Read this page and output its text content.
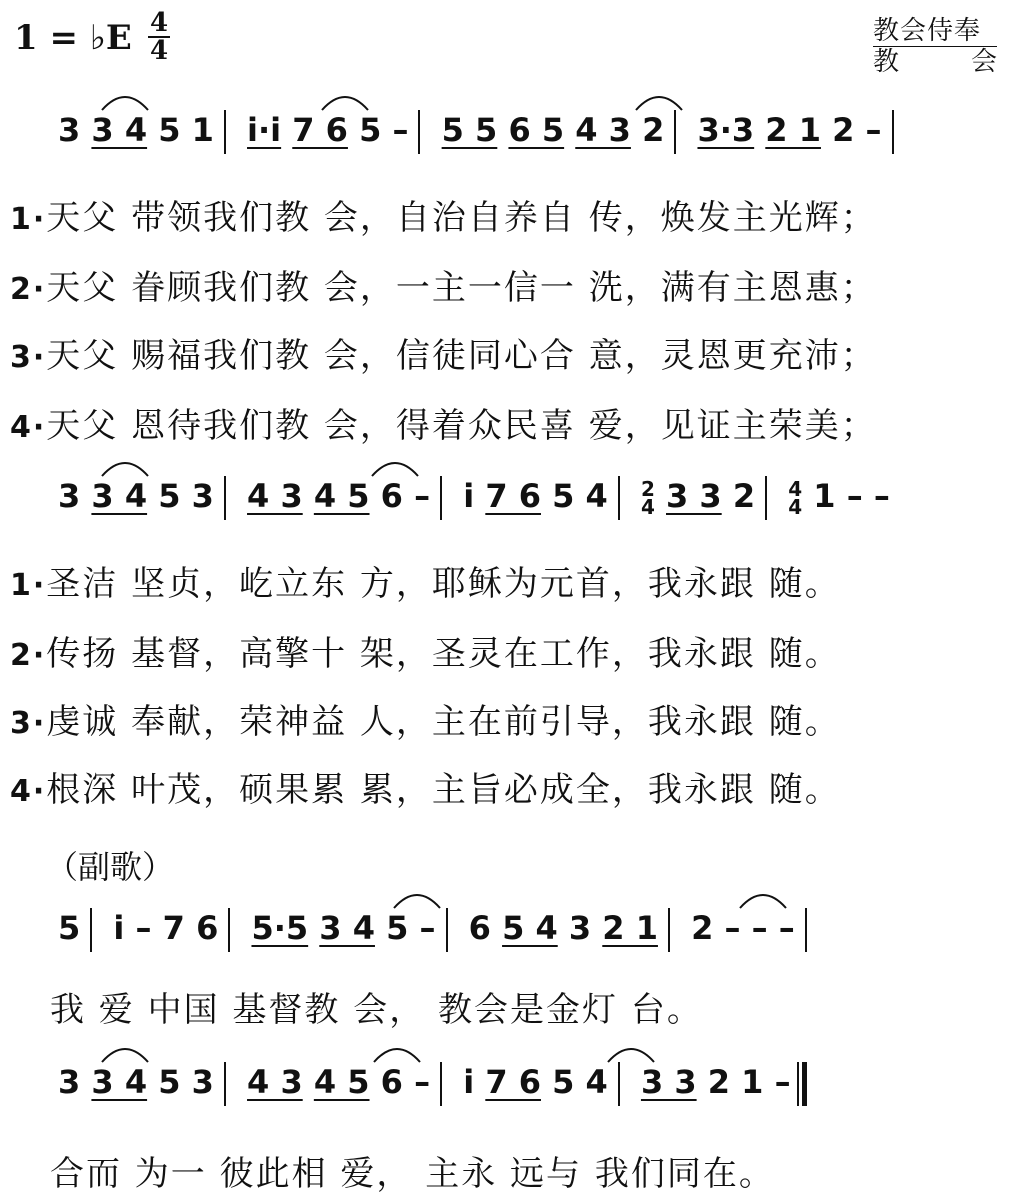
1 = ♭E 4
4
教会侍奉
教	会
3 3 4 5 1 i·i 7 6 5 – 5 5 6 5 4 3 2 3·3 2 1 2 –
1·天父 带领我们教 会，自治自养自 传，焕发主光辉；
2·天父 眷顾我们教 会，一主一信一 洗，满有主恩惠；
3·天父 赐福我们教 会，信徒同心合 意，灵恩更充沛；
4·天父 恩待我们教 会，得着众民喜 爱，见证主荣美；
3 3 4 5 3 4 3 4 5 6 – i 7 6 5 4 2
4 3 3 2 4
4 1 – –
1·圣洁 坚贞，屹立东 方，耶稣为元首，我永跟 随。
2·传扬 基督，高擎十 架，圣灵在工作，我永跟 随。
3·虔诚 奉献，荣神益 人，主在前引导，我永跟 随。
4·根深 叶茂，硕果累 累，主旨必成全，我永跟 随。
（副歌）
5 i – 7 6 5·5 3 4 5 – 6 5 4 3 2 1 2 – – –
我 爱 中国 基督教 会， 教会是金灯 台。
3 3 4 5 3 4 3 4 5 6 – i 7 6 5 4 3 3 2 1 –
合而 为一 彼此相 爱， 主永 远与 我们同在。
